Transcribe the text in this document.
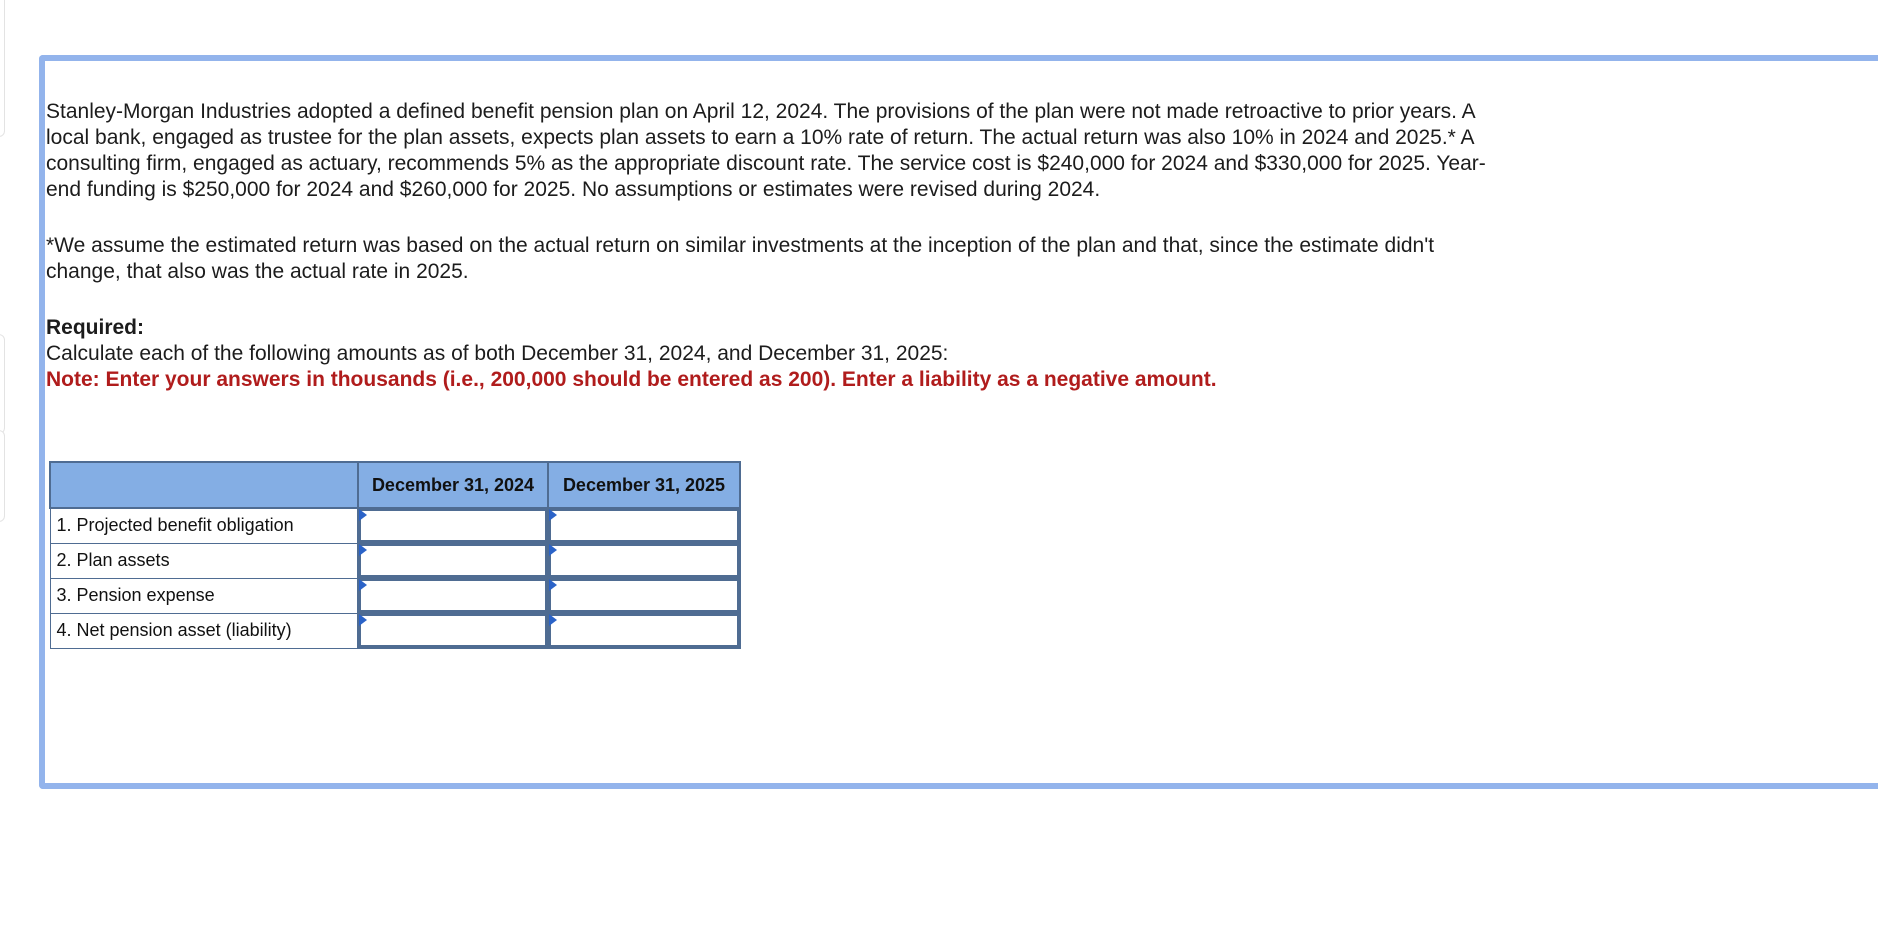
Stanley-Morgan Industries adopted a defined benefit pension plan on April 12, 2024. The provisions of the plan were not made retroactive to prior years. A local bank, engaged as trustee for the plan assets, expects plan assets to earn a 10% rate of return. The actual return was also 10% in 2024 and 2025.* A consulting firm, engaged as actuary, recommends 5% as the appropriate discount rate. The service cost is $240,000 for 2024 and $330,000 for 2025. Year-end funding is $250,000 for 2024 and $260,000 for 2025. No assumptions or estimates were revised during 2024.

*We assume the estimated return was based on the actual return on similar investments at the inception of the plan and that, since the estimate didn't change, that also was the actual rate in 2025.

Required:

Calculate each of the following amounts as of both December 31, 2024, and December 31, 2025:

Note: Enter your answers in thousands (i.e., 200,000 should be entered as 200). Enter a liability as a negative amount.

	December 31, 2024	December 31, 2025
1. Projected benefit obligation	

2. Plan assets	

3. Pension expense	

4. Net pension asset (liability)	
